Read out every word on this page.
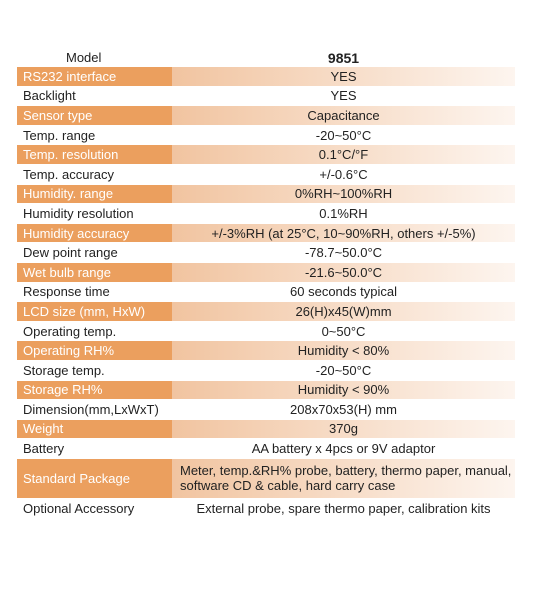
Model	9851
RS232 interface	YES
Backlight	YES
Sensor type	Capacitance
Temp. range	-20~50°C
Temp. resolution	0.1°C/°F
Temp. accuracy	+/-0.6°C
Humidity. range	0%RH~100%RH
Humidity resolution	0.1%RH
Humidity accuracy	+/-3%RH (at 25°C, 10~90%RH, others +/-5%)
Dew point range	-78.7~50.0°C
Wet bulb range	-21.6~50.0°C
Response time	60 seconds typical
LCD size (mm, HxW)	26(H)x45(W)mm
Operating temp.	0~50°C
Operating RH%	Humidity < 80%
Storage temp.	-20~50°C
Storage RH%	Humidity < 90%
Dimension(mm,LxWxT)	208x70x53(H) mm
Weight	370g
Battery	AA battery x 4pcs or 9V adaptor
Standard Package	Meter, temp.&RH% probe, battery, thermo paper, manual, software CD & cable, hard carry case
Optional Accessory	External probe, spare thermo paper, calibration kits
